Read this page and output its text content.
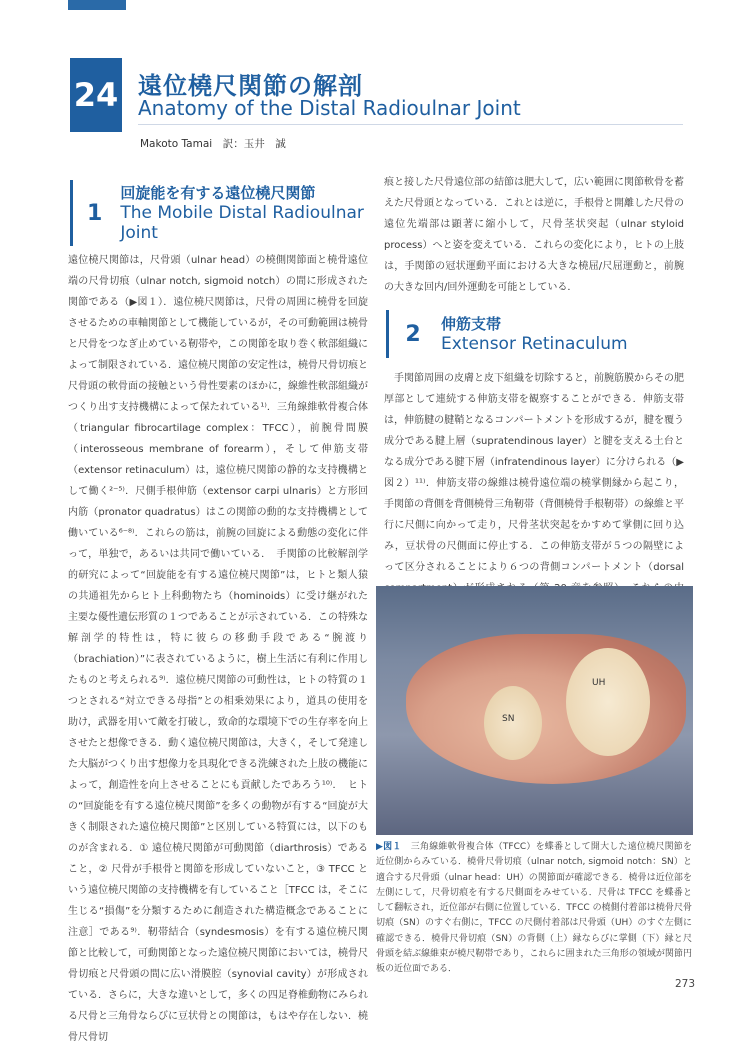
24 遠位橈尺関節の解剖
Anatomy of the Distal Radioulnar Joint
Makoto Tamai　訳：玉井　誠
1
回旋能を有する遠位橈尺関節
The Mobile Distal Radioulnar Joint
遠位橈尺関節は，尺骨頭（ulnar head）の橈側関節面と橈骨遠位端の尺骨切痕（ulnar notch, sigmoid notch）の間に形成された関節である（▶図１）．遠位橈尺関節は，尺骨の周囲に橈骨を回旋させるための車軸関節として機能しているが，その可動範囲は橈骨と尺骨をつなぎ止めている靭帯や，この関節を取り巻く軟部組織によって制限されている．遠位橈尺関節の安定性は，橈骨尺骨切痕と尺骨頭の軟骨面の接触という骨性要素のほかに，線維性軟部組織がつくり出す支持機構によって保たれている¹⁾．三角線維軟骨複合体（triangular fibrocartilage complex：TFCC），前腕骨間膜（interosseous membrane of forearm），そして伸筋支帯（extensor retinaculum）は，遠位橈尺関節の静的な支持機構として働く²⁻⁵⁾．尺側手根伸筋（extensor carpi ulnaris）と方形回内筋（pronator quadratus）はこの関節の動的な支持機構として働いている⁶⁻⁸⁾．これらの筋は，前腕の回旋による動態の変化に伴って，単独で，あるいは共同で働いている．　手関節の比較解剖学的研究によって“回旋能を有する遠位橈尺関節”は，ヒトと類人猿の共通祖先からヒト上科動物たち（hominoids）に受け継がれた主要な優性遺伝形質の１つであることが示されている．この特殊な解剖学的特性は，特に彼らの移動手段である“腕渡り（brachiation）”に表されているように，樹上生活に有利に作用したものと考えられる⁹⁾．遠位橈尺関節の可動性は，ヒトの特質の１つとされる“対立できる母指”との相乗効果により，道具の使用を助け，武器を用いて敵を打破し，致命的な環境下での生存率を向上させたと想像できる．動く遠位橈尺関節は，大きく，そして発達した大脳がつくり出す想像力を具現化できる洗練された上肢の機能によって，創造性を向上させることにも貢献したであろう¹⁰⁾．　ヒトの“回旋能を有する遠位橈尺関節”を多くの動物が有する“回旋が大きく制限された遠位橈尺関節”と区別している特質には，以下のものが含まれる．① 遠位橈尺関節が可動関節（diarthrosis）であること，② 尺骨が手根骨と関節を形成していないこと，③ TFCC という遠位橈尺関節の支持機構を有していること［TFCC は，そこに生じる“損傷”を分類するために創造された構造概念であることに注意］である⁹⁾．靭帯結合（syndesmosis）を有する遠位橈尺関節と比較して，可動関節となった遠位橈尺関節においては，橈骨尺骨切痕と尺骨頭の間に広い滑膜腔（synovial cavity）が形成されている．さらに，大きな違いとして，多くの四足脊椎動物にみられる尺骨と三角骨ならびに豆状骨との関節は，もはや存在しない．橈骨尺骨切
痕と接した尺骨遠位部の結節は肥大して，広い範囲に関節軟骨を蓄えた尺骨頭となっている．これとは逆に，手根骨と開離した尺骨の遠位先端部は顕著に縮小して，尺骨茎状突起（ulnar styloid process）へと姿を変えている．これらの変化により，ヒトの上肢は，手関節の冠状運動平面における大きな橈屈/尺屈運動と，前腕の大きな回内/回外運動を可能としている．
2	伸筋支帯
Extensor Retinaculum
　手関節周囲の皮膚と皮下組織を切除すると，前腕筋膜からその肥厚部として連続する伸筋支帯を観察することができる．伸筋支帯は，伸筋腱の腱鞘となるコンパートメントを形成するが，腱を覆う成分である腱上層（supratendinous layer）と腱を支える土台となる成分である腱下層（infratendinous layer）に分けられる（▶図２）¹¹⁾．伸筋支帯の線維は橈骨遠位端の橈掌側縁から起こり，手関節の背側を背側橈骨三角靭帯（背側橈骨手根靭帯）の線維と平行に尺側に向かって走り，尺骨茎状突起をかすめて掌側に回り込み，豆状骨の尺側面に停止する．この伸筋支帯が５つの隔壁によって区分されることにより６つの背側コンパートメント（dorsal
SN
UH
▶図１　三角線維軟骨複合体（TFCC）を蝶番として開大した遠位橈尺関節を近位側からみている．橈骨尺骨切痕（ulnar notch, sigmoid notch：SN）と適合する尺骨頭（ulnar head：UH）の関節面が確認できる．橈骨は近位部を左側にして，尺骨切痕を有する尺側面をみせている．尺骨は TFCC を蝶番として翻転され，近位部が右側に位置している．TFCC の橈側付着部は橈骨尺骨切痕（SN）のすぐ右側に，TFCC の尺側付着部は尺骨頭（UH）のすぐ左側に確認できる．橈骨尺骨切痕（SN）の背側（上）縁ならびに掌側（下）縁と尺骨頭を結ぶ線維束が橈尺靭帯であり，これらに囲まれた三角形の領域が関節円板の近位面である．
273
